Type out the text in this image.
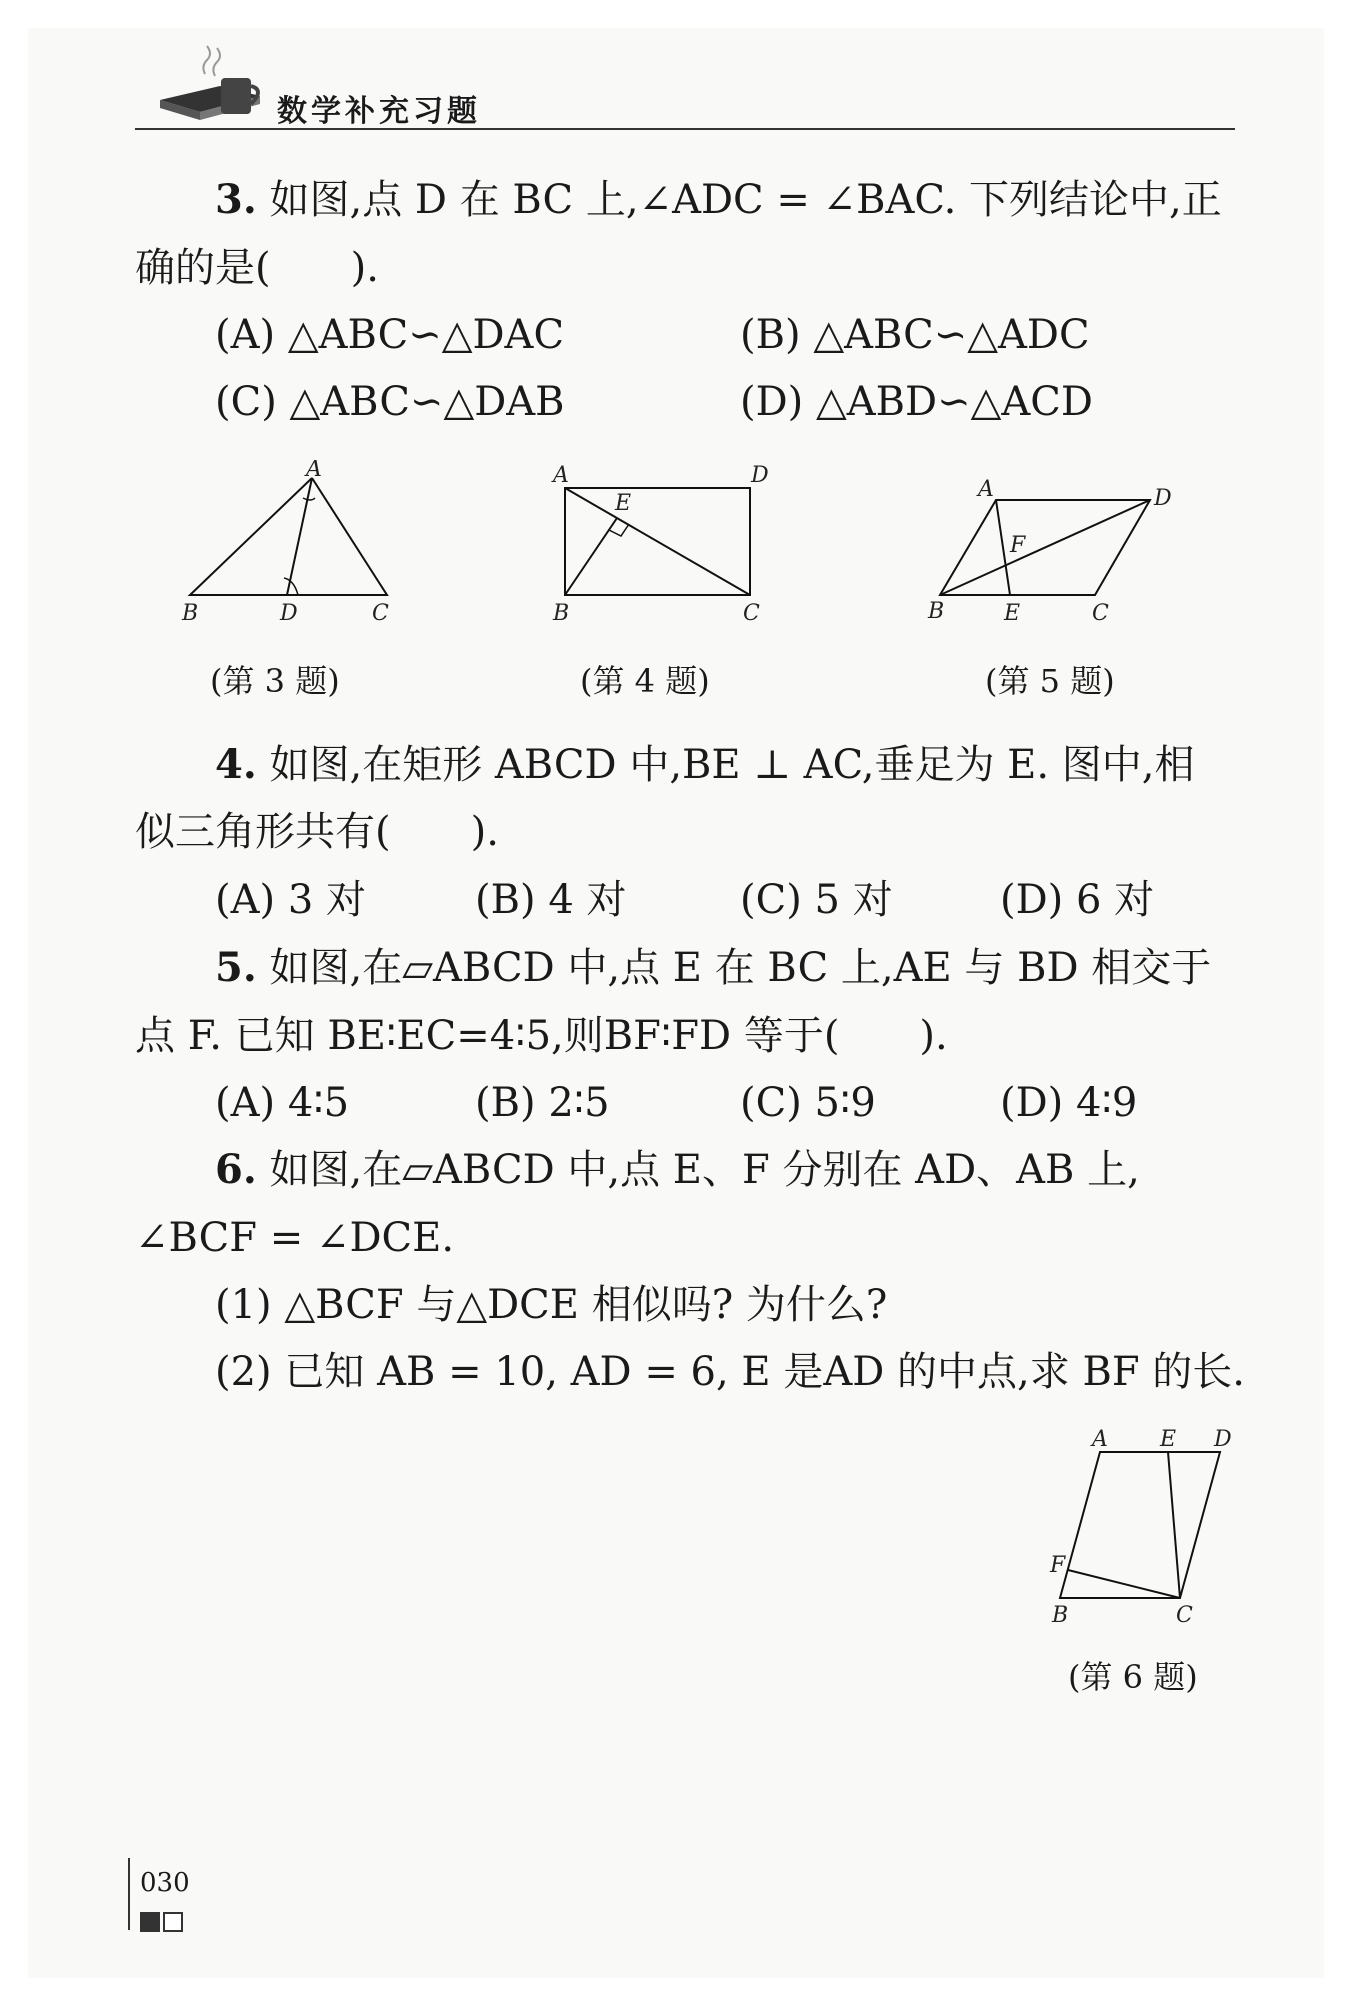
数学补充习题
3. 如图,点 D 在 BC 上,∠ADC = ∠BAC. 下列结论中,正
确的是(　　).
(A) △ABC∽△DAC	(B) △ABC∽△ADC
(C) △ABC∽△DAB	(D) △ABD∽△ACD
A
B	D	C
(第 3 题)
A	D
E
B	C
(第 4 题)
A	D
F
B	E	C
(第 5 题)
4. 如图,在矩形 ABCD 中,BE ⊥ AC,垂足为 E. 图中,相
似三角形共有(　　).
(A) 3 对	(B) 4 对	(C) 5 对	(D) 6 对
5. 如图,在▱ABCD 中,点 E 在 BC 上,AE 与 BD 相交于
点 F. 已知 BE∶EC=4∶5,则BF∶FD 等于(　　).
(A) 4∶5	(B) 2∶5	(C) 5∶9	(D) 4∶9
6. 如图,在▱ABCD 中,点 E、F 分别在 AD、AB 上,
∠BCF = ∠DCE.
(1) △BCF 与△DCE 相似吗? 为什么?
(2) 已知 AB = 10, AD = 6, E 是AD 的中点,求 BF 的长.
A E D
F
B	C
(第 6 题)
030
